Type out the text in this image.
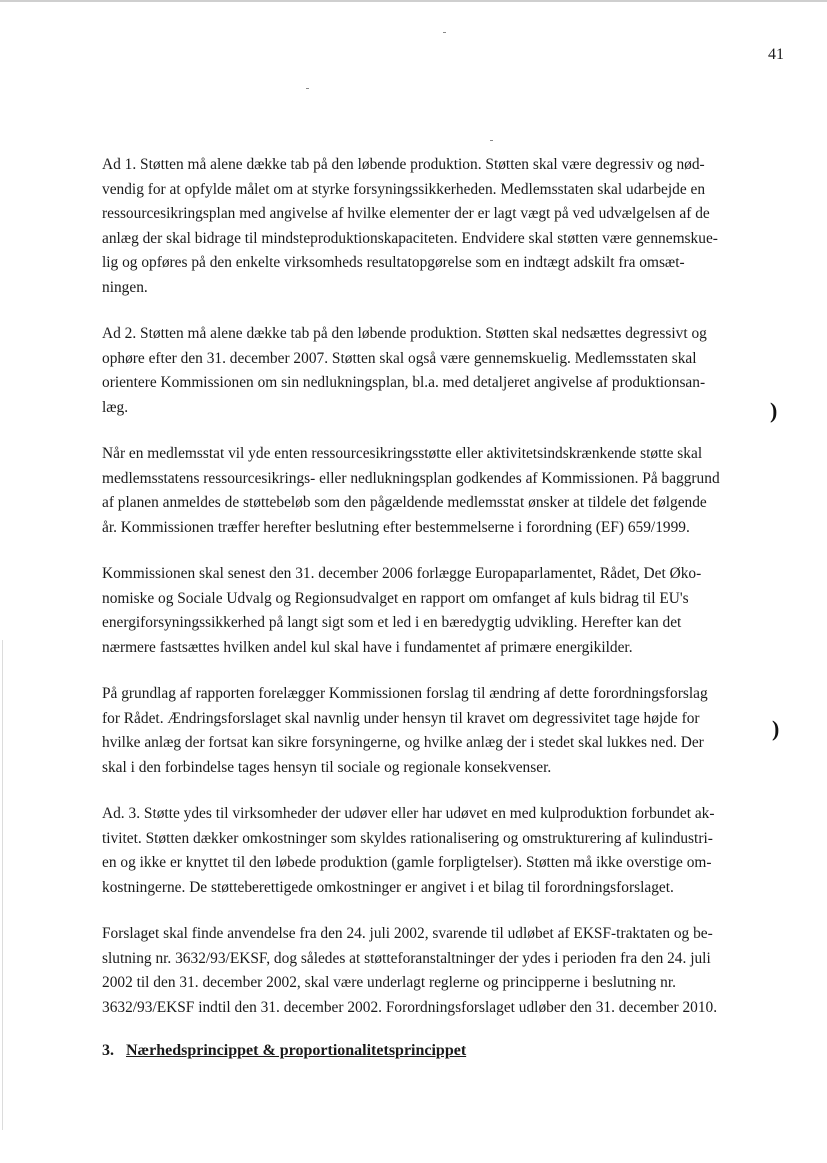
41
Ad 1. Støtten må alene dække tab på den løbende produktion. Støtten skal være degressiv og nød-
vendig for at opfylde målet om at styrke forsyningssikkerheden. Medlemsstaten skal udarbejde en
ressourcesikringsplan med angivelse af hvilke elementer der er lagt vægt på ved udvælgelsen af de
anlæg der skal bidrage til mindsteproduktionskapaciteten. Endvidere skal støtten være gennemskue-
lig og opføres på den enkelte virksomheds resultatopgørelse som en indtægt adskilt fra omsæt-
ningen.
Ad 2. Støtten må alene dække tab på den løbende produktion. Støtten skal nedsættes degressivt og
ophøre efter den 31. december 2007. Støtten skal også være gennemskuelig. Medlemsstaten skal
orientere Kommissionen om sin nedlukningsplan, bl.a. med detaljeret angivelse af produktionsan-
læg.
Når en medlemsstat vil yde enten ressourcesikringsstøtte eller aktivitetsindskrænkende støtte skal
medlemsstatens ressourcesikrings- eller nedlukningsplan godkendes af Kommissionen. På baggrund
af planen anmeldes de støttebeløb som den pågældende medlemsstat ønsker at tildele det følgende
år. Kommissionen træffer herefter beslutning efter bestemmelserne i forordning (EF) 659/1999.
Kommissionen skal senest den 31. december 2006 forlægge Europaparlamentet, Rådet, Det Øko-
nomiske og Sociale Udvalg og Regionsudvalget en rapport om omfanget af kuls bidrag til EU's
energiforsyningssikkerhed på langt sigt som et led i en bæredygtig udvikling. Herefter kan det
nærmere fastsættes hvilken andel kul skal have i fundamentet af primære energikilder.
På grundlag af rapporten forelægger Kommissionen forslag til ændring af dette forordningsforslag
for Rådet. Ændringsforslaget skal navnlig under hensyn til kravet om degressivitet tage højde for
hvilke anlæg der fortsat kan sikre forsyningerne, og hvilke anlæg der i stedet skal lukkes ned. Der
skal i den forbindelse tages hensyn til sociale og regionale konsekvenser.
Ad. 3. Støtte ydes til virksomheder der udøver eller har udøvet en med kulproduktion forbundet ak-
tivitet. Støtten dækker omkostninger som skyldes rationalisering og omstrukturering af kulindustri-
en og ikke er knyttet til den løbede produktion (gamle forpligtelser). Støtten må ikke overstige om-
kostningerne. De støtteberettigede omkostninger er angivet i et bilag til forordningsforslaget.
Forslaget skal finde anvendelse fra den 24. juli 2002, svarende til udløbet af EKSF-traktaten og be-
slutning nr. 3632/93/EKSF, dog således at støtteforanstaltninger der ydes i perioden fra den 24. juli
2002 til den 31. december 2002, skal være underlagt reglerne og principperne i beslutning nr.
3632/93/EKSF indtil den 31. december 2002. Forordningsforslaget udløber den 31. december 2010.
3. Nærhedsprincippet & proportionalitetsprincippet
)
)
